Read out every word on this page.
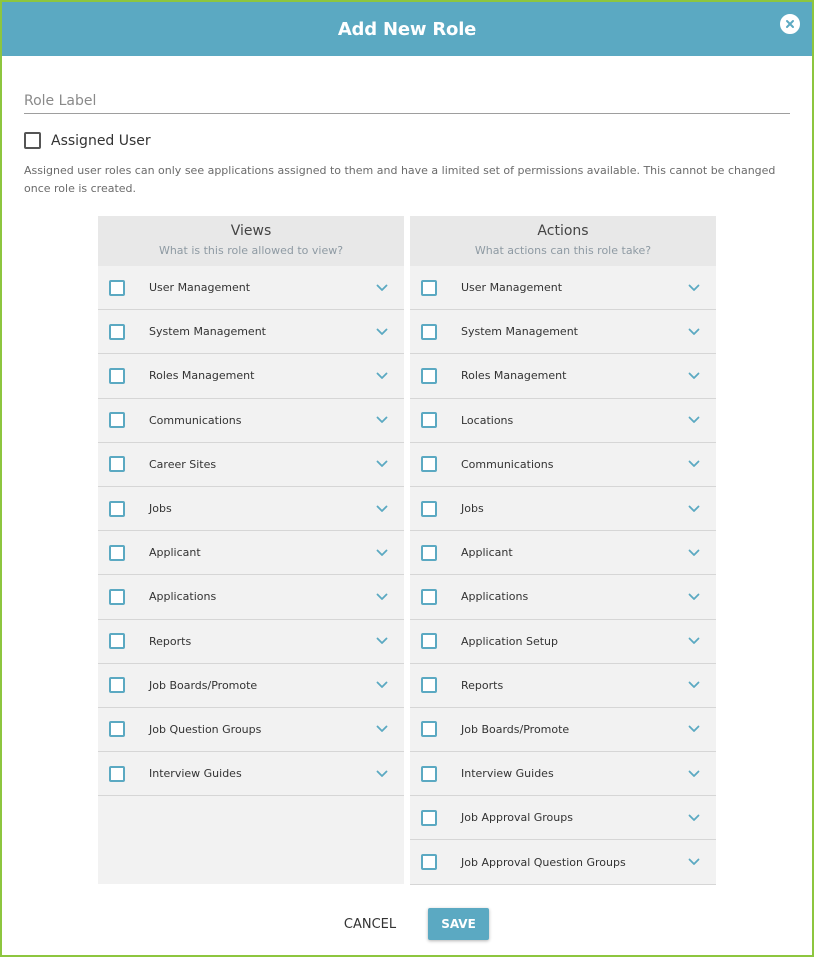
Add New Role
Role Label
Assigned User

Assigned user roles can only see applications assigned to them and have a limited set of permissions available. This cannot be changed once role is created.

Views
What is this role allowed to view?
User Management
System Management
Roles Management
Communications
Career Sites
Jobs
Applicant
Applications
Reports
Job Boards/Promote
Job Question Groups
Interview Guides
Actions
What actions can this role take?
User Management
System Management
Roles Management
Locations
Communications
Jobs
Applicant
Applications
Application Setup
Reports
Job Boards/Promote
Interview Guides
Job Approval Groups
Job Approval Question Groups
CANCEL	SAVE
